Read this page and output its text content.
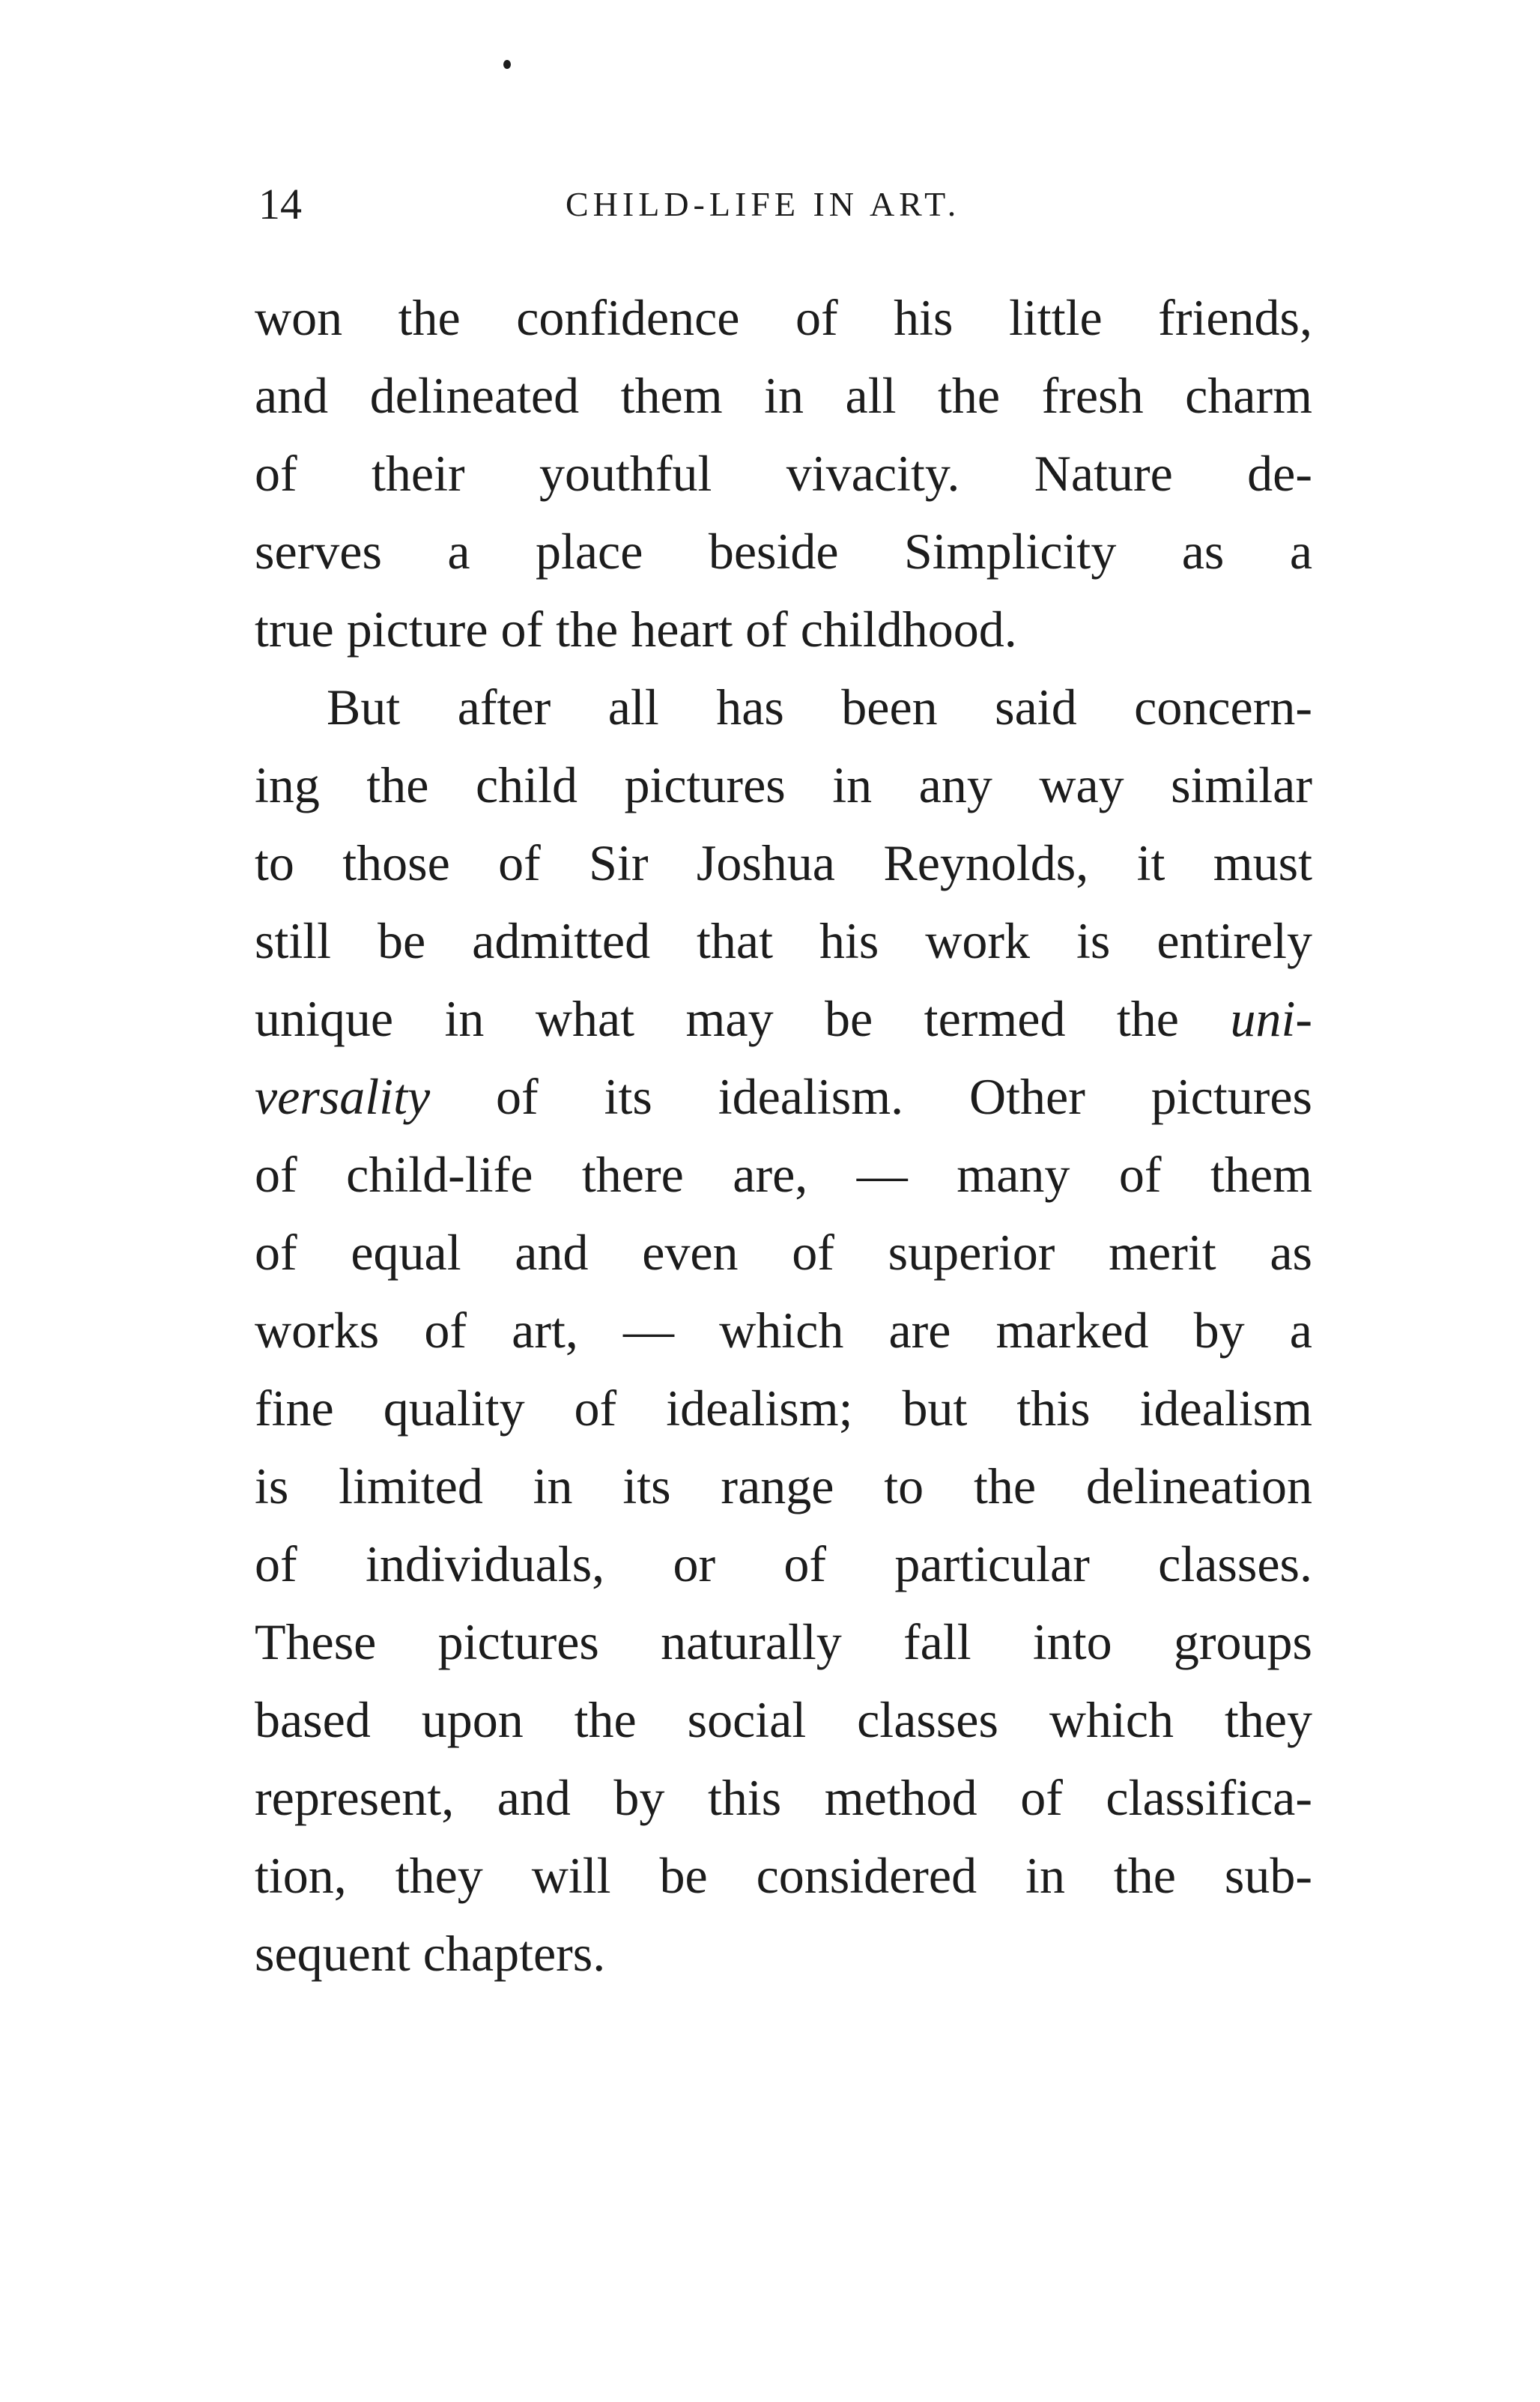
14	CHILD-LIFE IN ART.
won the confidence of his little friends,
and delineated them in all the fresh charm
of their youthful vivacity. Nature de-
serves a place beside Simplicity as a
true picture of the heart of childhood.
But after all has been said concern-
ing the child pictures in any way similar
to those of Sir Joshua Reynolds, it must
still be admitted that his work is entirely
unique in what may be termed the uni-
versality of its idealism. Other pictures
of child-life there are, — many of them
of equal and even of superior merit as
works of art, — which are marked by a
fine quality of idealism; but this idealism
is limited in its range to the delineation
of individuals, or of particular classes.
These pictures naturally fall into groups
based upon the social classes which they
represent, and by this method of classifica-
tion, they will be considered in the sub-
sequent chapters.
